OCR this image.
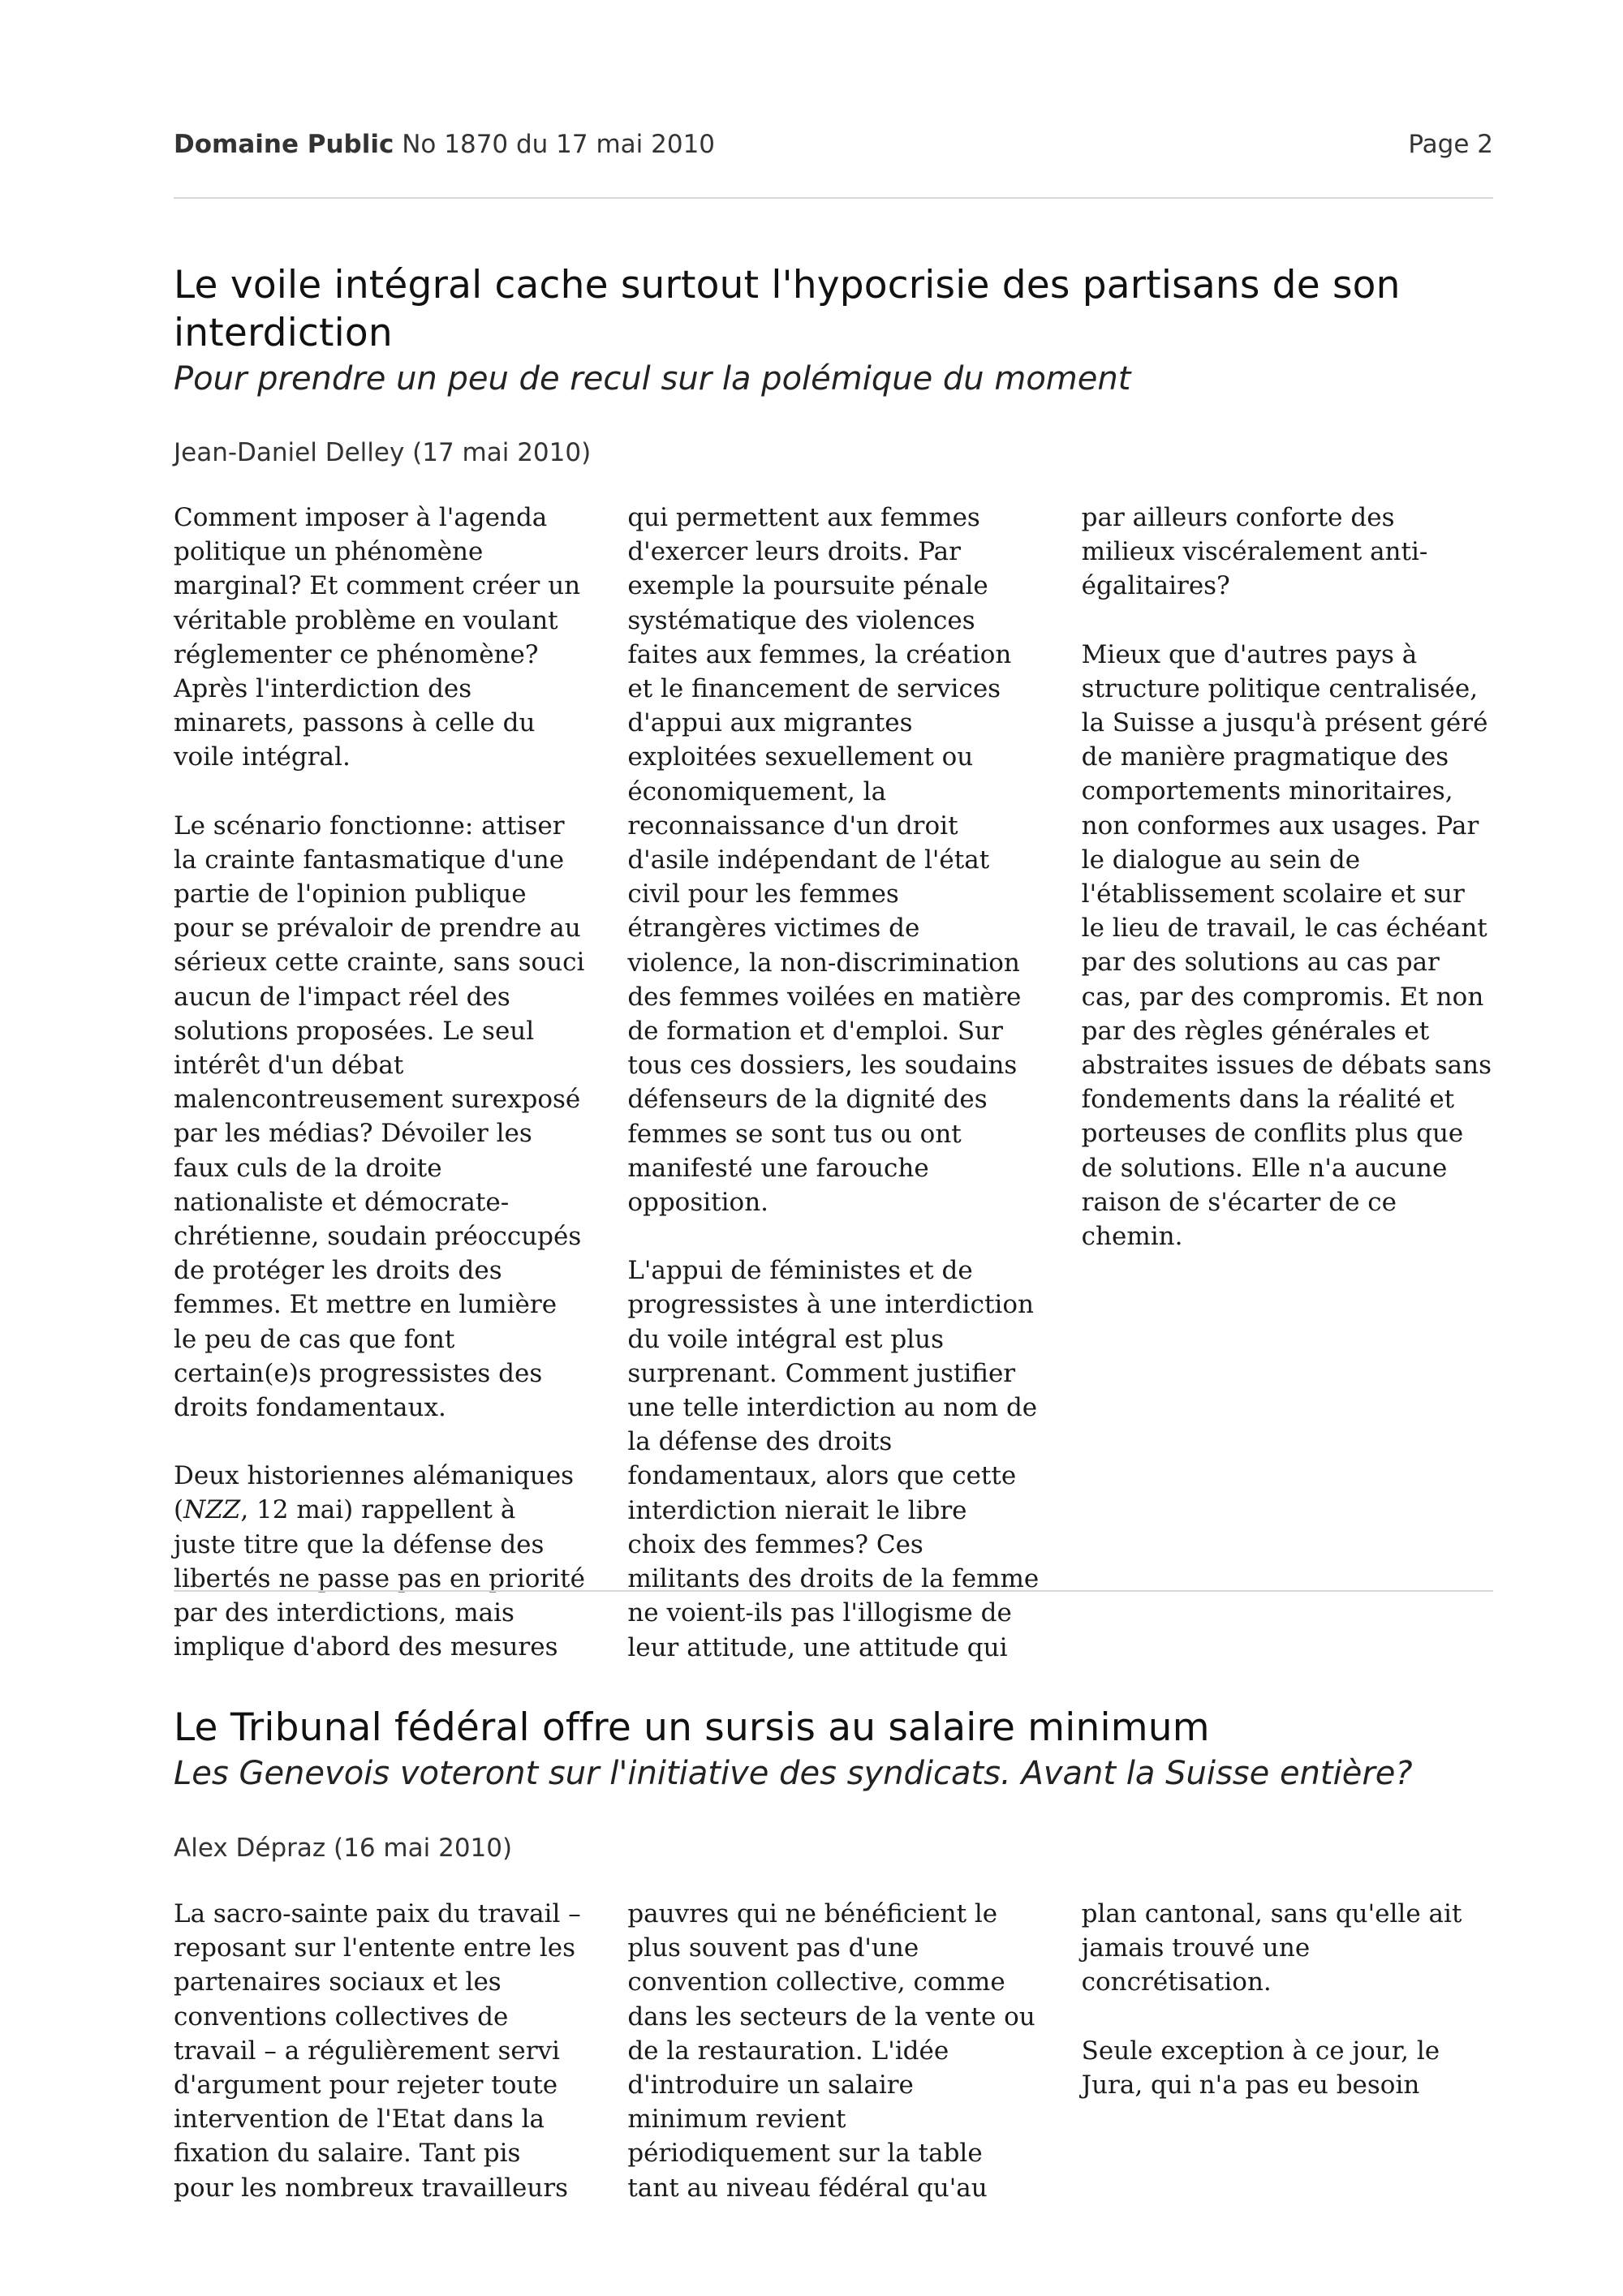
Domaine Public No 1870 du 17 mai 2010	Page 2
Le voile intégral cache surtout l'hypocrisie des partisans de son interdiction

Pour prendre un peu de recul sur la polémique du moment

Jean-Daniel Delley (17 mai 2010)

Comment imposer à l'agenda politique un phénomène marginal? Et comment créer un véritable problème en voulant réglementer ce phénomène? Après l'interdiction des minarets, passons à celle du voile intégral.

Le scénario fonctionne: attiser la crainte fantasmatique d'une partie de l'opinion publique pour se prévaloir de prendre au sérieux cette crainte, sans souci aucun de l'impact réel des solutions proposées. Le seul intérêt d'un débat malencontreusement surexposé par les médias? Dévoiler les faux culs de la droite nationaliste et démocrate-chrétienne, soudain préoccupés de protéger les droits des femmes. Et mettre en lumière le peu de cas que font certain(e)s progressistes des droits fondamentaux.

Deux historiennes alémaniques (NZZ, 12 mai) rappellent à juste titre que la défense des libertés ne passe pas en priorité par des interdictions, mais implique d'abord des mesures qui permettent aux femmes d'exercer leurs droits. Par exemple la poursuite pénale systématique des violences faites aux femmes, la création et le financement de services d'appui aux migrantes exploitées sexuellement ou économiquement, la reconnaissance d'un droit d'asile indépendant de l'état civil pour les femmes étrangères victimes de violence, la non-discrimination des femmes voilées en matière de formation et d'emploi. Sur tous ces dossiers, les soudains défenseurs de la dignité des femmes se sont tus ou ont manifesté une farouche opposition.

L'appui de féministes et de progressistes à une interdiction du voile intégral est plus surprenant. Comment justifier une telle interdiction au nom de la défense des droits fondamentaux, alors que cette interdiction nierait le libre choix des femmes? Ces militants des droits de la femme ne voient-ils pas l'illogisme de leur attitude, une attitude qui par ailleurs conforte des milieux viscéralement anti-égalitaires?

Mieux que d'autres pays à structure politique centralisée, la Suisse a jusqu'à présent géré de manière pragmatique des comportements minoritaires, non conformes aux usages. Par le dialogue au sein de l'établissement scolaire et sur le lieu de travail, le cas échéant par des solutions au cas par cas, par des compromis. Et non par des règles générales et abstraites issues de débats sans fondements dans la réalité et porteuses de conflits plus que de solutions. Elle n'a aucune raison de s'écarter de ce chemin.

Le Tribunal fédéral offre un sursis au salaire minimum

Les Genevois voteront sur l'initiative des syndicats. Avant la Suisse entière?

Alex Dépraz (16 mai 2010)

La sacro-sainte paix du travail – reposant sur l'entente entre les partenaires sociaux et les conventions collectives de travail – a régulièrement servi d'argument pour rejeter toute intervention de l'Etat dans la fixation du salaire. Tant pis pour les nombreux travailleurs pauvres qui ne bénéficient le plus souvent pas d'une convention collective, comme dans les secteurs de la vente ou de la restauration. L'idée d'introduire un salaire minimum revient périodiquement sur la table tant au niveau fédéral qu'au plan cantonal, sans qu'elle ait jamais trouvé une concrétisation.

Seule exception à ce jour, le Jura, qui n'a pas eu besoin
